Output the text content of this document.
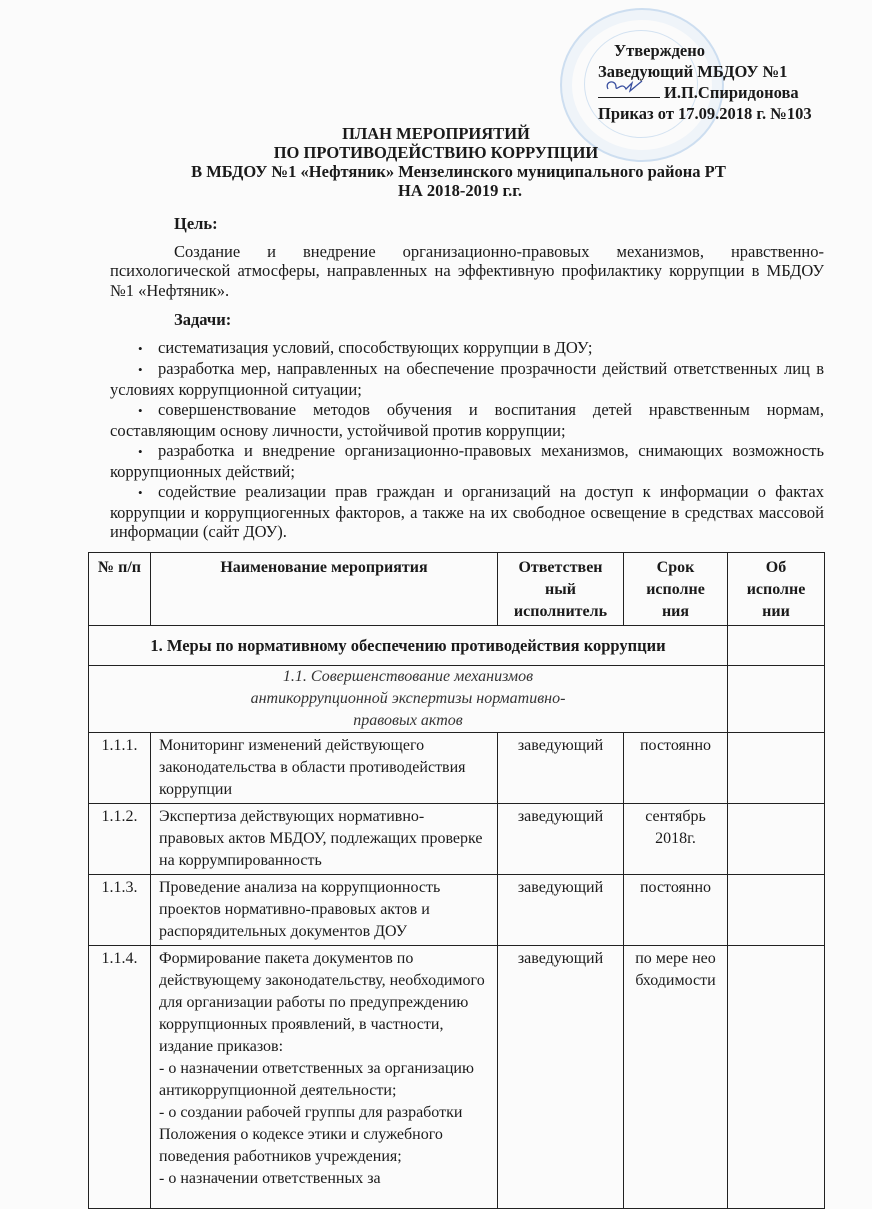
Утверждено
Заведующий МБДОУ №1
И.П.Спиридонова
Приказ от 17.09.2018 г. №103
ПЛАН МЕРОПРИЯТИЙ
ПО ПРОТИВОДЕЙСТВИЮ КОРРУПЦИИ
В МБДОУ №1 «Нефтяник» Мензелинского муниципального района РТ
НА 2018-2019 г.г.

Цель:

Создание и внедрение организационно-правовых механизмов, нравственно-психологической атмосферы, направленных на эффективную профилактику коррупции в МБДОУ №1 «Нефтяник».

Задачи:

• систематизация условий, способствующих коррупции в ДОУ;
• разработка мер, направленных на обеспечение прозрачности действий ответственных лиц в условиях коррупционной ситуации;
• совершенствование методов обучения и воспитания детей нравственным нормам, составляющим основу личности, устойчивой против коррупции;
• разработка и внедрение организационно-правовых механизмов, снимающих возможность коррупционных действий;
• содействие реализации прав граждан и организаций на доступ к информации о фактах коррупции и коррупциогенных факторов, а также на их свободное освещение в средствах массовой информации (сайт ДОУ).
№ п/п	Наименование мероприятия	Ответствен ный исполнитель	Срок исполне ния	Об исполне нии
1. Меры по нормативному обеспечению противодействия коррупции				
1.1. Совершенствование механизмов антикоррупционной экспертизы нормативно-правовых актов				
1.1.1.	Мониторинг изменений действующего законодательства в области противодействия коррупции	заведующий	постоянно	
1.1.2.	Экспертиза действующих нормативно-правовых актов МБДОУ, подлежащих проверке на коррумпированность	заведующий	сентябрь 2018г.	
1.1.3.	Проведение анализа на коррупционность проектов нормативно-правовых актов и распорядительных документов ДОУ	заведующий	постоянно	
1.1.4.	Формирование пакета документов по действующему законодательству, необходимого для организации работы по предупреждению коррупционных проявлений, в частности, издание приказов:
- о назначении ответственных за организацию антикоррупционной деятельности;
- о создании рабочей группы для разработки Положения о кодексе этики и служебного поведения работников учреждения;
- о назначении ответственных за	заведующий	по мере необходимости	
